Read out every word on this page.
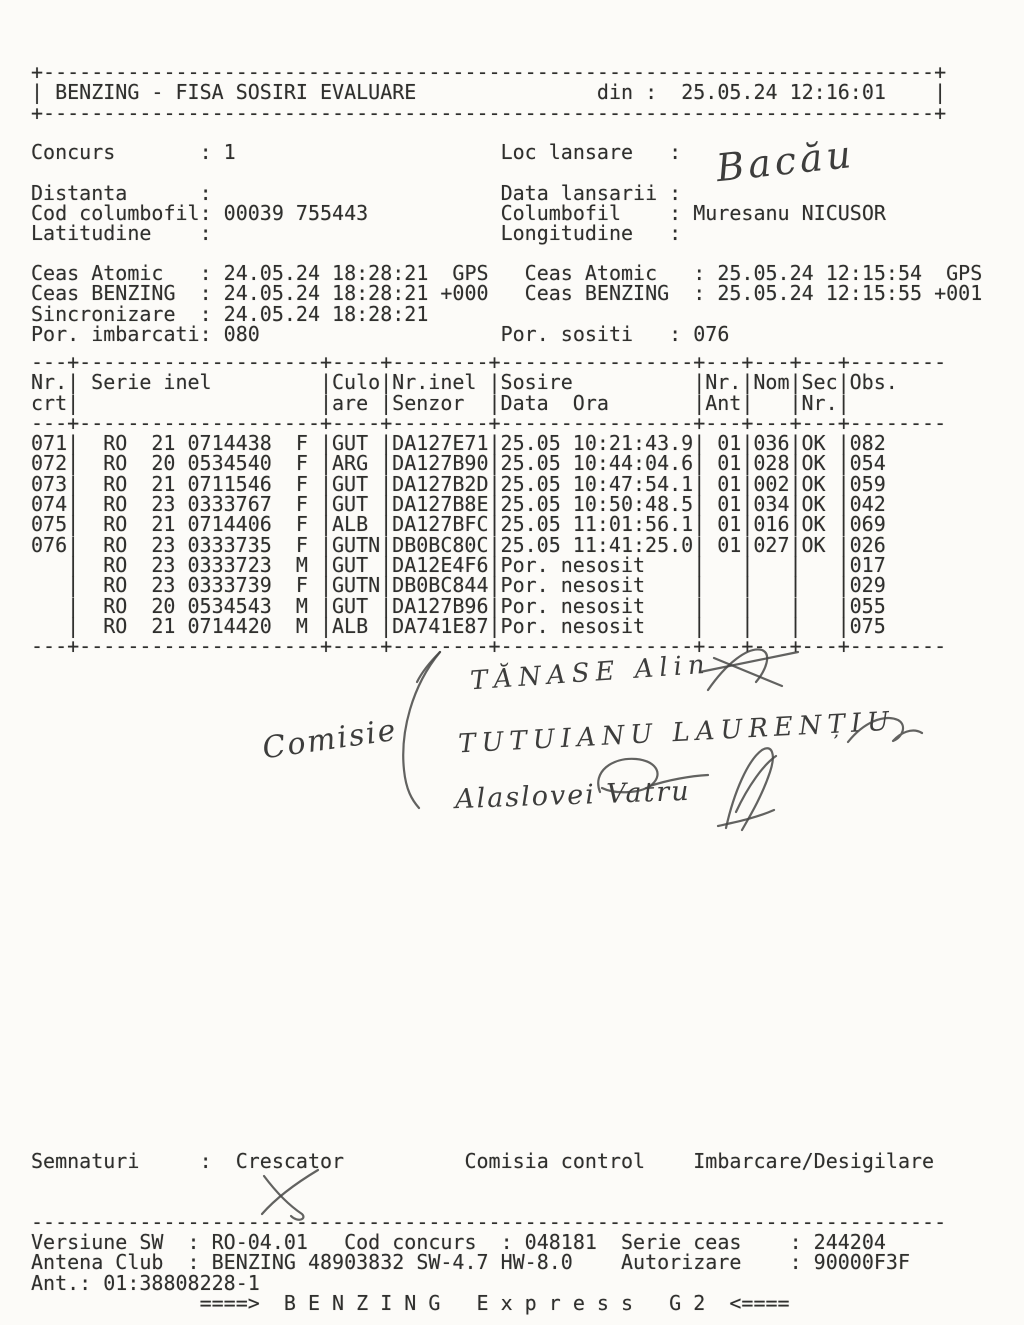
+--------------------------------------------------------------------------+
| BENZING - FISA SOSIRI EVALUARE               din :  25.05.24 12:16:01    |
+--------------------------------------------------------------------------+
Concurs       : 1                      Loc lansare   :
Distanta      :                        Data lansarii :
Cod columbofil: 00039 755443           Columbofil    : Muresanu NICUSOR
Latitudine    :                        Longitudine   :
Ceas Atomic   : 24.05.24 18:28:21  GPS   Ceas Atomic   : 25.05.24 12:15:54  GPS
Ceas BENZING  : 24.05.24 18:28:21 +000   Ceas BENZING  : 25.05.24 12:15:55 +001
Sincronizare  : 24.05.24 18:28:21
Por. imbarcati: 080                    Por. sositi   : 076
---+--------------------+----+--------+----------------+---+---+---+--------
Nr. | Serie inel	| Culo | Nr.inel | Sosire	| Nr. | Nom | Sec | Obs.
crt |	| are | Senzor	| Data  Ora	| Ant | | Nr. |
---+--------------------+----+--------+----------------+---+---+---+--------
071 | RO  21 0714438  F | GUT | DA127E71 | 25.05 10:21:43.9 | 01 | 036 | OK | 082
072 | RO  20 0534540  F | ARG | DA127B90 | 25.05 10:44:04.6 | 01 | 028 | OK | 054
073 | RO  21 0711546  F | GUT | DA127B2D | 25.05 10:47:54.1 | 01 | 002 | OK | 059
074 | RO  23 0333767  F | GUT | DA127B8E | 25.05 10:50:48.5 | 01 | 034 | OK | 042
075 | RO  21 0714406  F | ALB | DA127BFC | 25.05 11:01:56.1 | 01 | 016 | OK | 069
076 | RO  23 0333735  F | GUTN | DB0BC80C | 25.05 11:41:25.0 | 01 | 027 | OK | 026
| RO  23 0333723  M | GUT | DA12E4F6 | Por. nesosit	| | | | 017
| RO  23 0333739  F | GUTN | DB0BC844 | Por. nesosit	| | | | 029
| RO  20 0534543  M | GUT | DA127B96 | Por. nesosit	| | | | 055
| RO  21 0714420  M | ALB | DA741E87 | Por. nesosit	| | | | 075
---+--------------------+----+--------+----------------+---+---+---+--------
Bacău
Comisie
TĂNASE Alin
TUTUIANU LAURENȚIU
Alaslovei Vatru
Semnaturi     :  Crescator          Comisia control    Imbarcare/Desigilare
----------------------------------------------------------------------------
Versiune SW  : RO-04.01   Cod concurs  : 048181  Serie ceas    : 244204
Antena Club  : BENZING 48903832 SW-4.7 HW-8.0    Autorizare    : 90000F3F
Ant.: 01:38808228-1
====>  B E N Z I N G   E x p r e s s   G 2  <====
